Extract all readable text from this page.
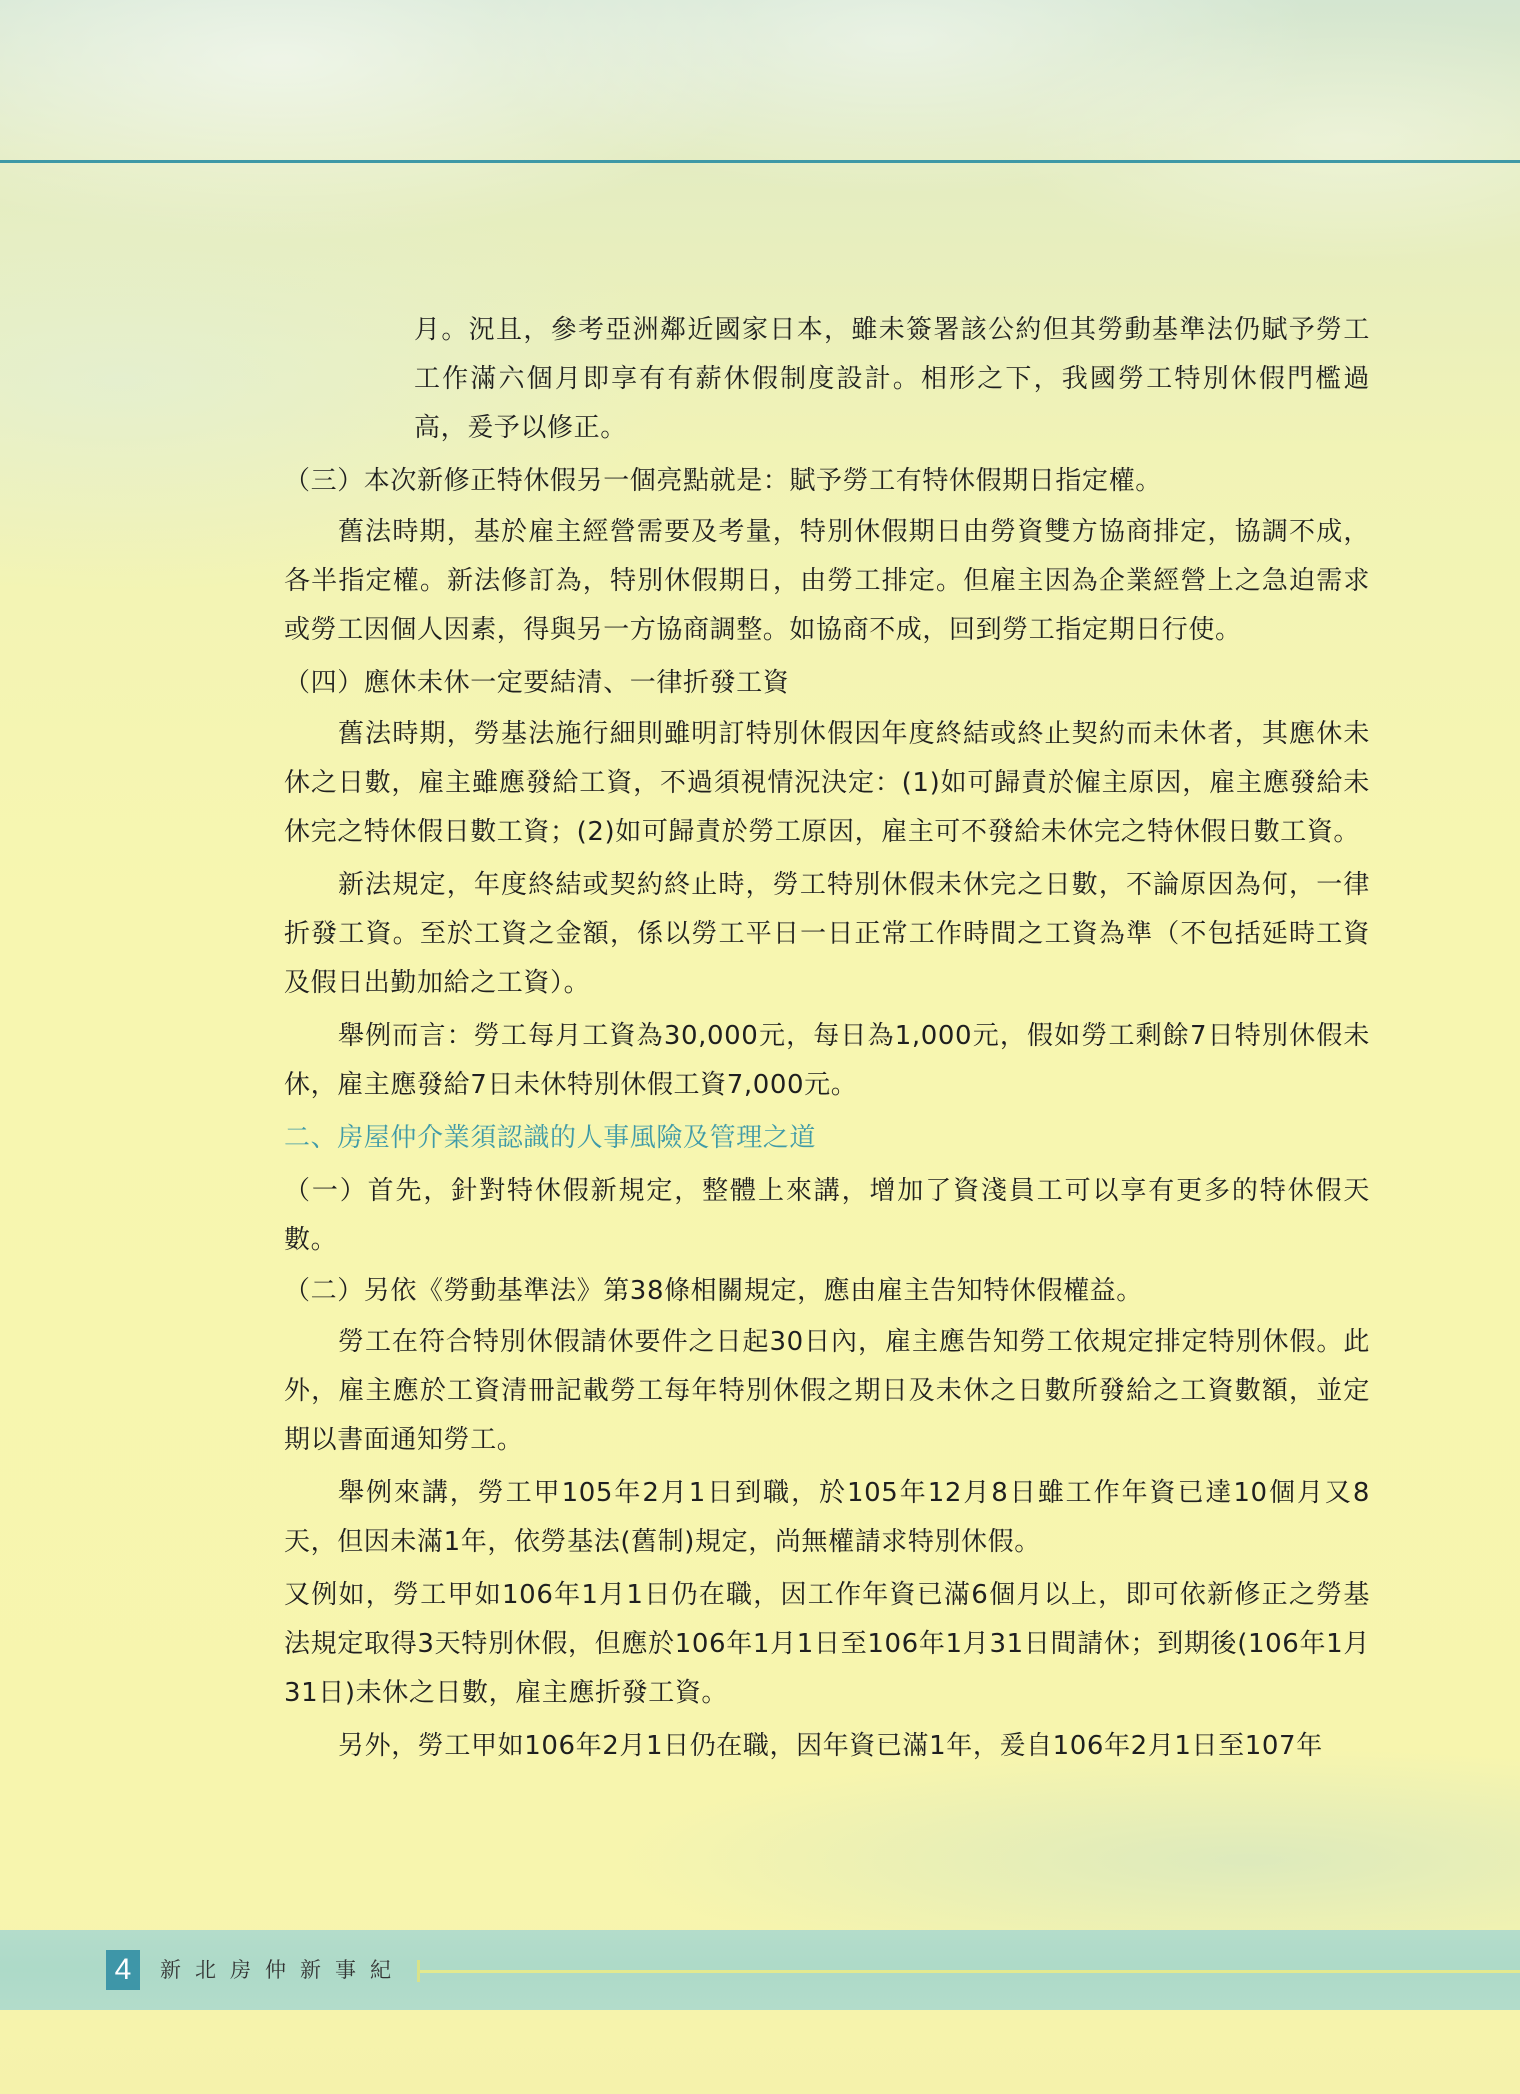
月。況且，參考亞洲鄰近國家日本，雖未簽署該公約但其勞動基準法仍賦予勞工工作滿六個月即享有有薪休假制度設計。相形之下，我國勞工特別休假門檻過高，爰予以修正。

（三）本次新修正特休假另一個亮點就是：賦予勞工有特休假期日指定權。

舊法時期，基於雇主經營需要及考量，特別休假期日由勞資雙方協商排定，協調不成，各半指定權。新法修訂為，特別休假期日，由勞工排定。但雇主因為企業經營上之急迫需求或勞工因個人因素，得與另一方協商調整。如協商不成，回到勞工指定期日行使。

（四）應休未休一定要結清、一律折發工資

舊法時期，勞基法施行細則雖明訂特別休假因年度終結或終止契約而未休者，其應休未休之日數，雇主雖應發給工資，不過須視情況決定：(1)如可歸責於僱主原因，雇主應發給未休完之特休假日數工資；(2)如可歸責於勞工原因，雇主可不發給未休完之特休假日數工資。

新法規定，年度終結或契約終止時，勞工特別休假未休完之日數，不論原因為何，一律折發工資。至於工資之金額，係以勞工平日一日正常工作時間之工資為準（不包括延時工資及假日出勤加給之工資）。

舉例而言：勞工每月工資為30,000元，每日為1,000元，假如勞工剩餘7日特別休假未休，雇主應發給7日未休特別休假工資7,000元。

二、房屋仲介業須認識的人事風險及管理之道

（一）首先，針對特休假新規定，整體上來講，增加了資淺員工可以享有更多的特休假天數。

（二）另依《勞動基準法》第38條相關規定，應由雇主告知特休假權益。

勞工在符合特別休假請休要件之日起30日內，雇主應告知勞工依規定排定特別休假。此外，雇主應於工資清冊記載勞工每年特別休假之期日及未休之日數所發給之工資數額，並定期以書面通知勞工。

舉例來講，勞工甲105年2月1日到職，於105年12月8日雖工作年資已達10個月又8天，但因未滿1年，依勞基法(舊制)規定，尚無權請求特別休假。

又例如，勞工甲如106年1月1日仍在職，因工作年資已滿6個月以上，即可依新修正之勞基法規定取得3天特別休假，但應於106年1月1日至106年1月31日間請休；到期後(106年1月31日)未休之日數，雇主應折發工資。

另外，勞工甲如106年2月1日仍在職，因年資已滿1年，爰自106年2月1日至107年

4	新北房仲新事紀
